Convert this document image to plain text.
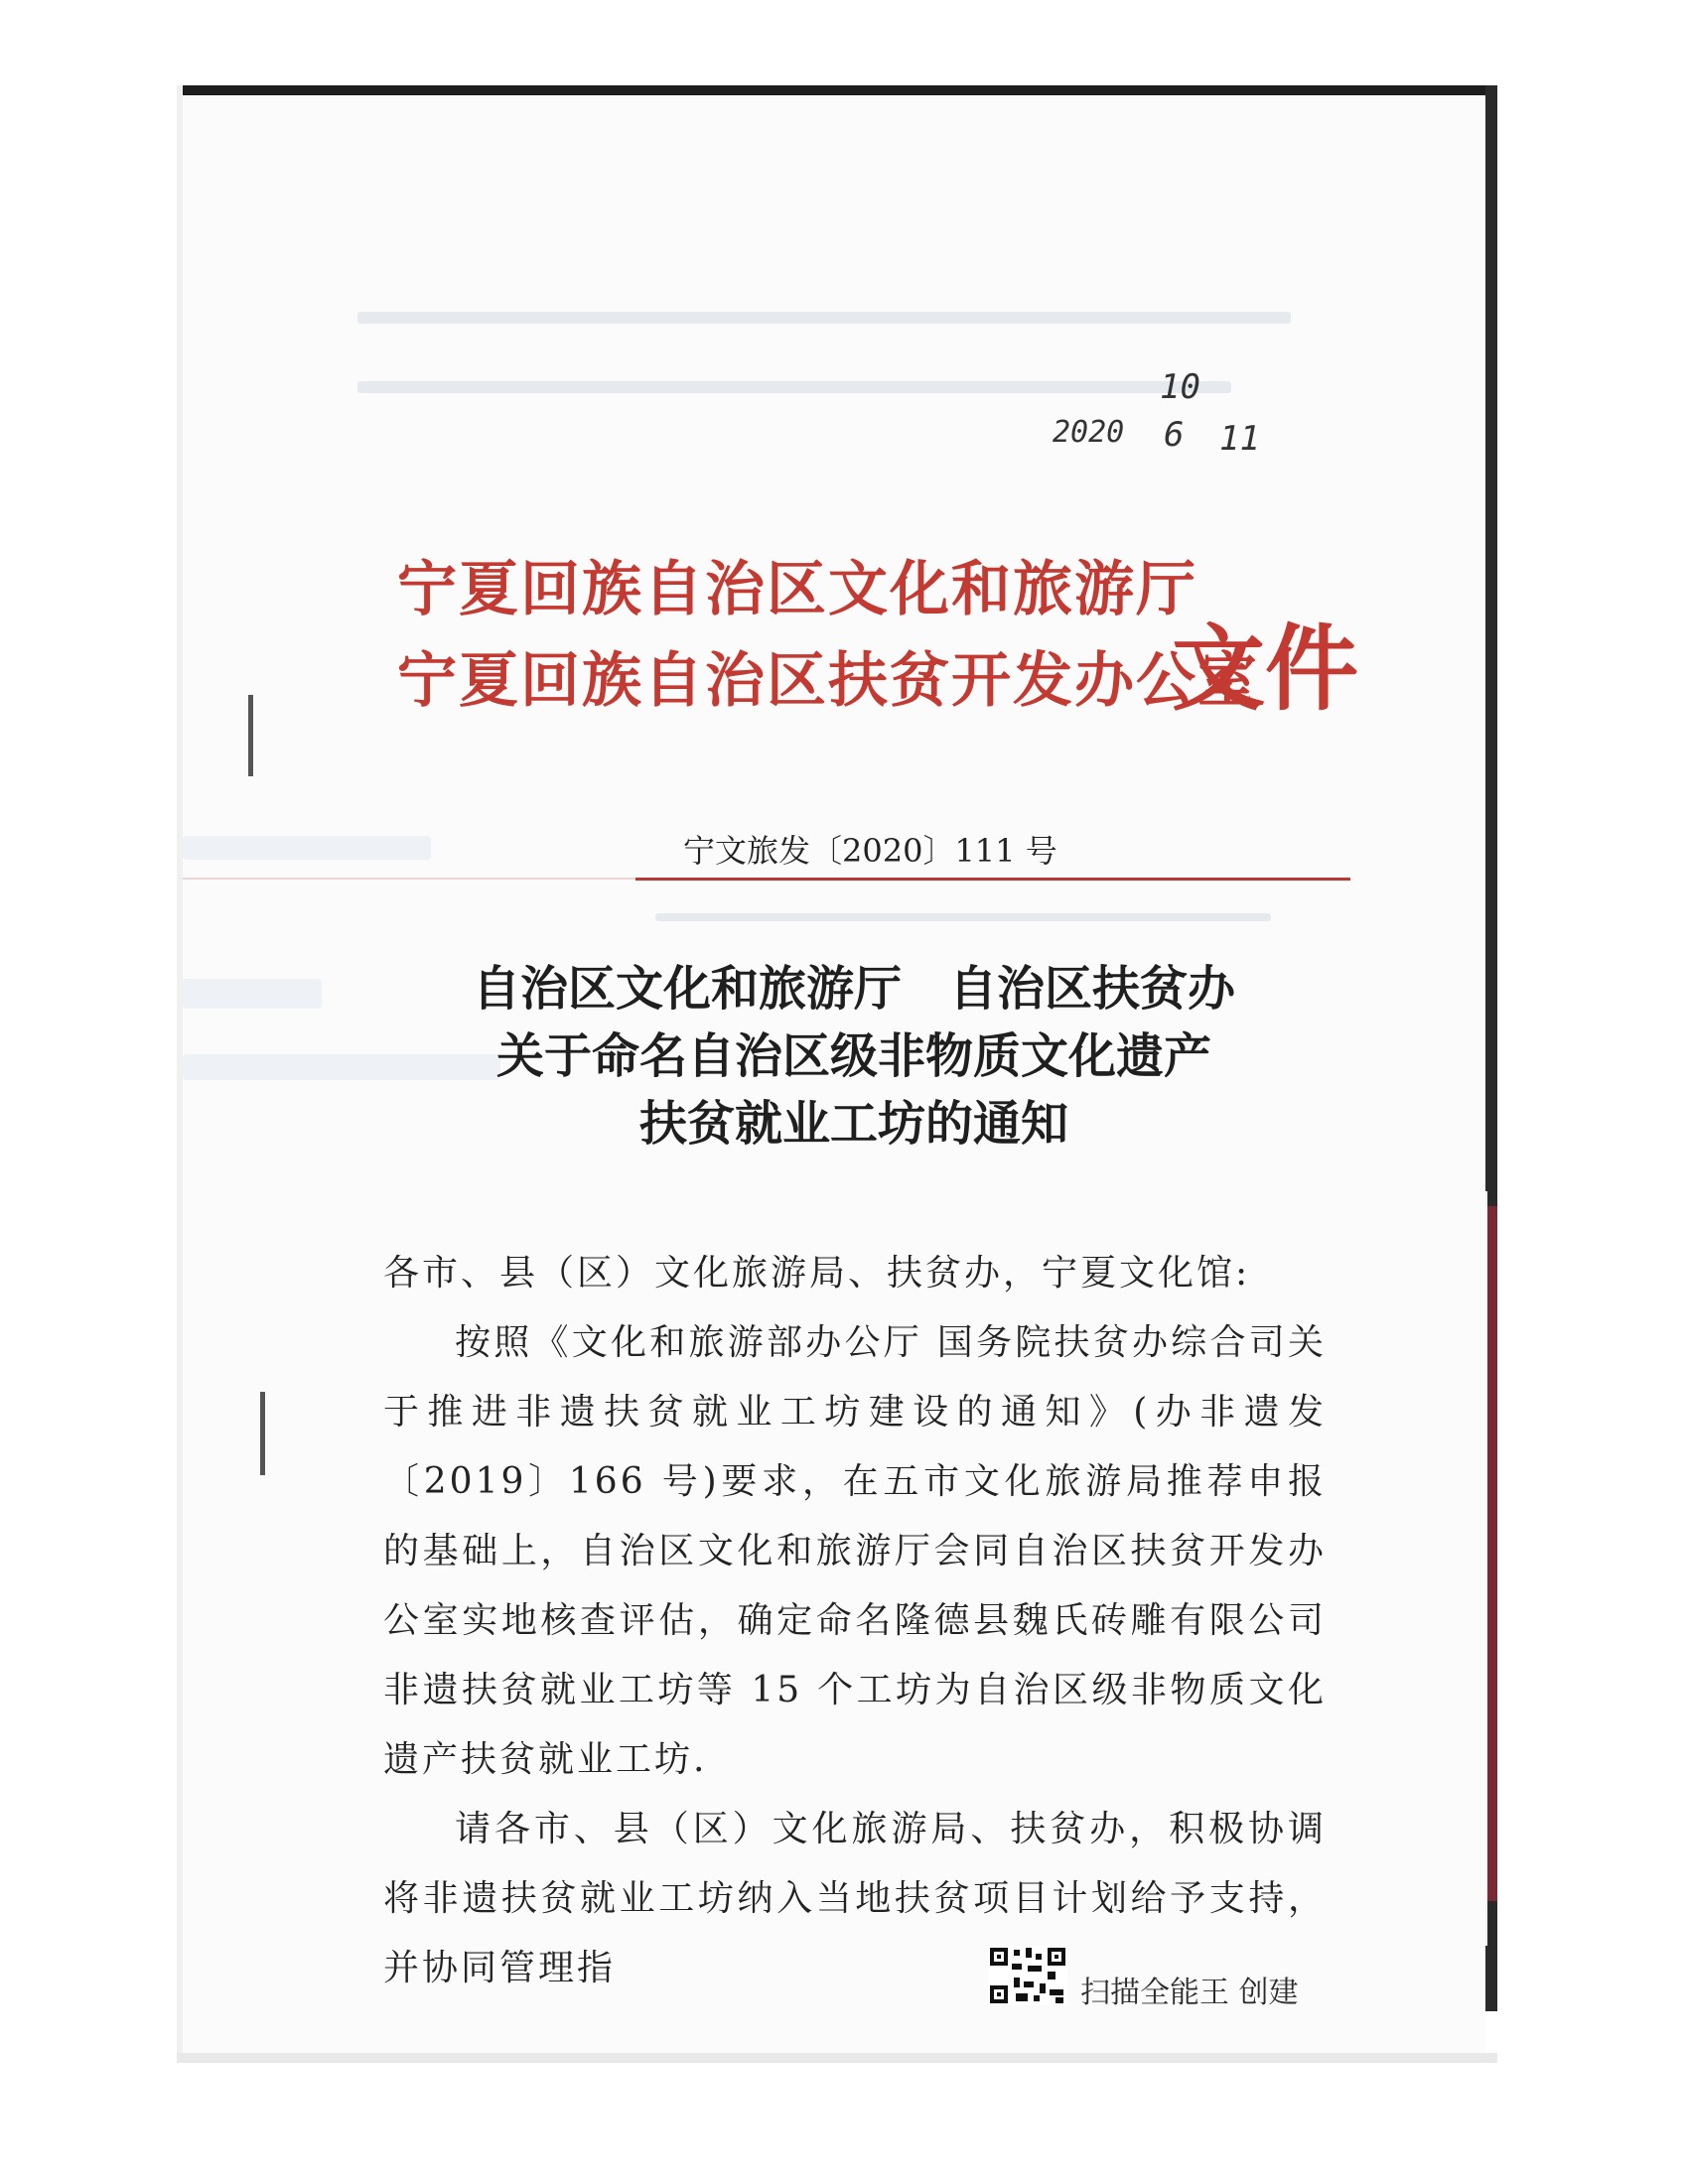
10
2020 6 11
宁夏回族自治区文化和旅游厅
宁夏回族自治区扶贫开发办公室
文件
宁文旅发〔2020〕111 号
自治区文化和旅游厅　自治区扶贫办
关于命名自治区级非物质文化遗产
扶贫就业工坊的通知

各市、县（区）文化旅游局、扶贫办，宁夏文化馆:

按照《文化和旅游部办公厅 国务院扶贫办综合司关于推进非遗扶贫就业工坊建设的通知》(办非遗发〔2019〕166 号)要求，在五市文化旅游局推荐申报的基础上，自治区文化和旅游厅会同自治区扶贫开发办公室实地核查评估，确定命名隆德县魏氏砖雕有限公司非遗扶贫就业工坊等 15 个工坊为自治区级非物质文化遗产扶贫就业工坊.

请各市、县（区）文化旅游局、扶贫办，积极协调将非遗扶贫就业工坊纳入当地扶贫项目计划给予支持，并协同管理指

扫描全能王 创建
